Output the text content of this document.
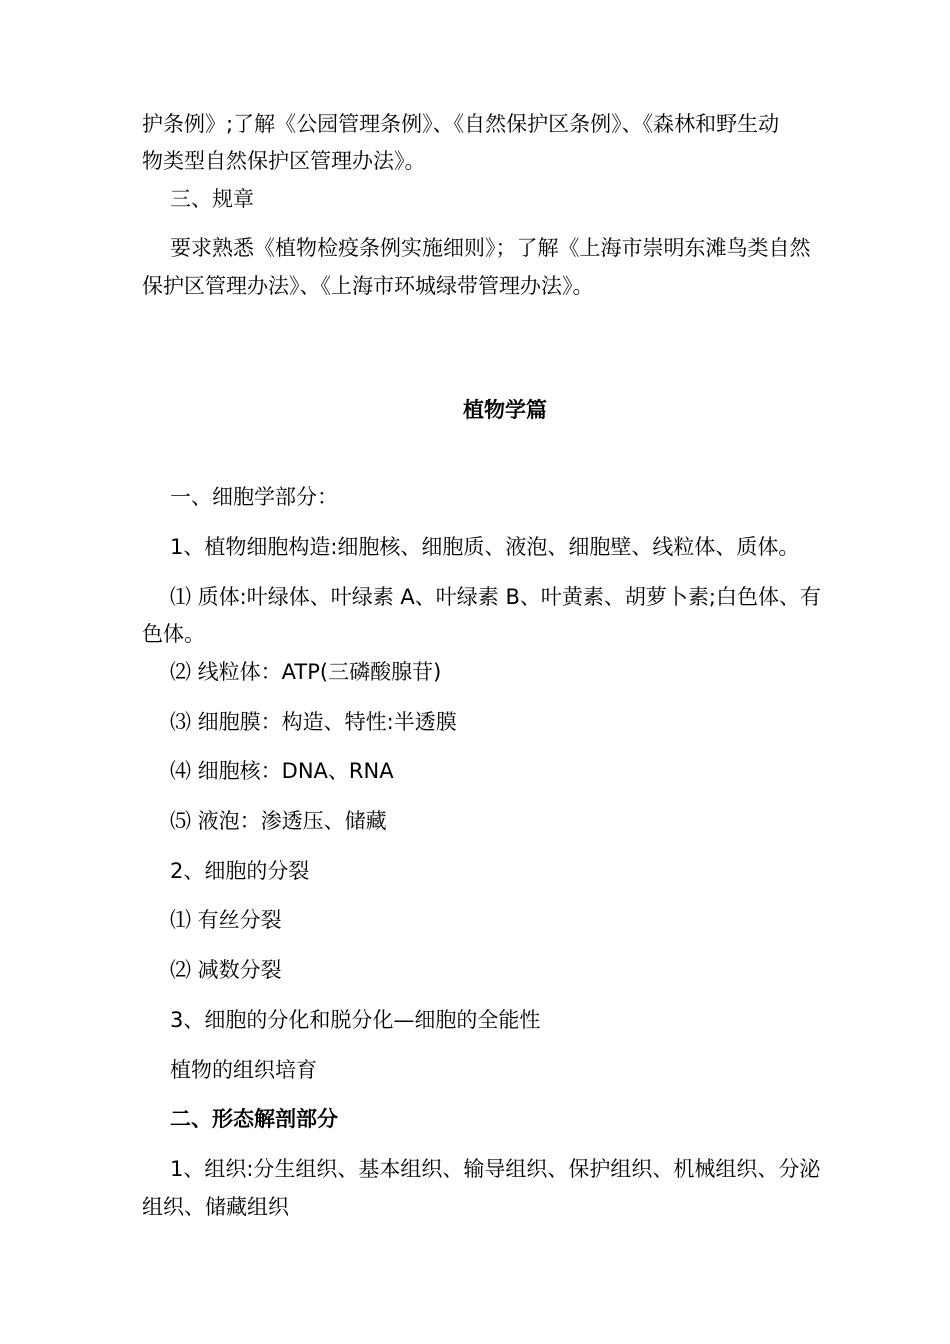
护条例》;了解《公园管理条例》、《自然保护区条例》、《森林和野生动
物类型自然保护区管理办法》。
三、规章
要求熟悉《植物检疫条例实施细则》；了解《上海市崇明东滩鸟类自然
保护区管理办法》、《上海市环城绿带管理办法》。
植物学篇
一、细胞学部分：
1、植物细胞构造:细胞核、细胞质、液泡、细胞壁、线粒体、质体。
⑴ 质体:叶绿体、叶绿素 A、叶绿素 B、叶黄素、胡萝卜素;白色体、有
色体。
⑵ 线粒体：ATP(三磷酸腺苷)
⑶ 细胞膜：构造、特性:半透膜
⑷ 细胞核：DNA、RNA
⑸ 液泡：渗透压、储藏
2、细胞的分裂
⑴ 有丝分裂
⑵ 减数分裂
3、细胞的分化和脱分化—细胞的全能性
植物的组织培育
二、形态解剖部分
1、组织:分生组织、基本组织、输导组织、保护组织、机械组织、分泌
组织、储藏组织
